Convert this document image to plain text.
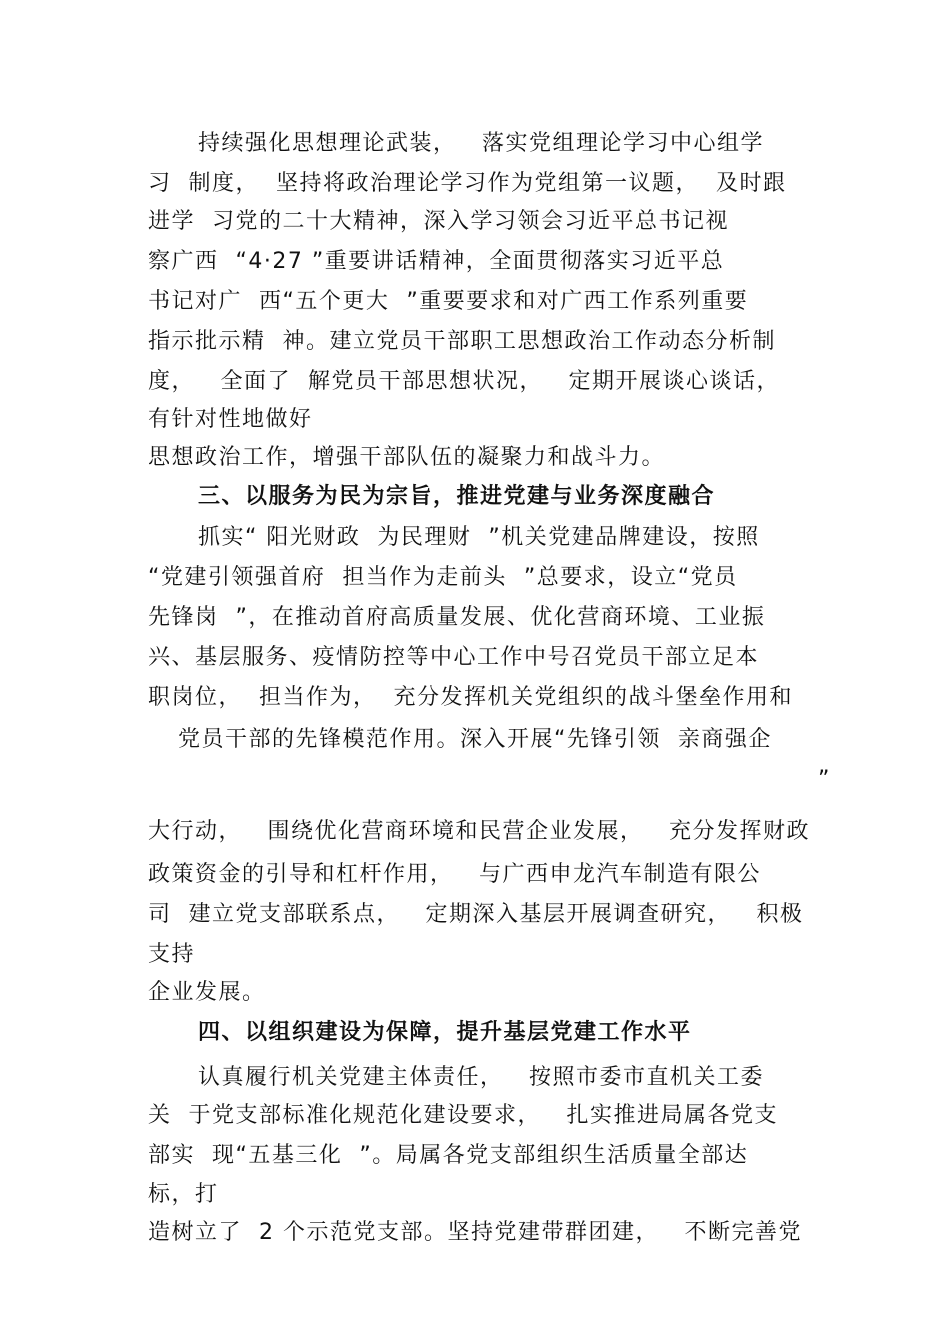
持续强化思想理论武装，   落实党组理论学习中心组学
习  制度，  坚持将政治理论学习作为党组第一议题，  及时跟
进学  习党的二十大精神，深入学习领会习近平总书记视
察广西  “4·27 ”重要讲话精神，全面贯彻落实习近平总
书记对广  西“五个更大  ”重要要求和对广西工作系列重要
指示批示精  神。建立党员干部职工思想政治工作动态分析制
度，   全面了  解党员干部思想状况，   定期开展谈心谈话，
有针对性地做好
思想政治工作，增强干部队伍的凝聚力和战斗力。
三、以服务为民为宗旨，推进党建与业务深度融合
抓实“ 阳光财政  为民理财  ”机关党建品牌建设，按照
“党建引领强首府  担当作为走前头  ”总要求，设立“党员
先锋岗  ”，在推动首府高质量发展、优化营商环境、工业振
兴、基层服务、疫情防控等中心工作中号召党员干部立足本
职岗位，  担当作为，  充分发挥机关党组织的战斗堡垒作用和
党员干部的先锋模范作用。深入开展“先锋引领  亲商强企
”
大行动，   围绕优化营商环境和民营企业发展，   充分发挥财政
政策资金的引导和杠杆作用，   与广西申龙汽车制造有限公
司  建立党支部联系点，   定期深入基层开展调查研究，   积极
支持
企业发展。
四、以组织建设为保障，提升基层党建工作水平
认真履行机关党建主体责任，   按照市委市直机关工委
关  于党支部标准化规范化建设要求，   扎实推进局属各党支
部实  现“五基三化  ”。局属各党支部组织生活质量全部达
标，打
造树立了  2 个示范党支部。坚持党建带群团建，   不断完善党
